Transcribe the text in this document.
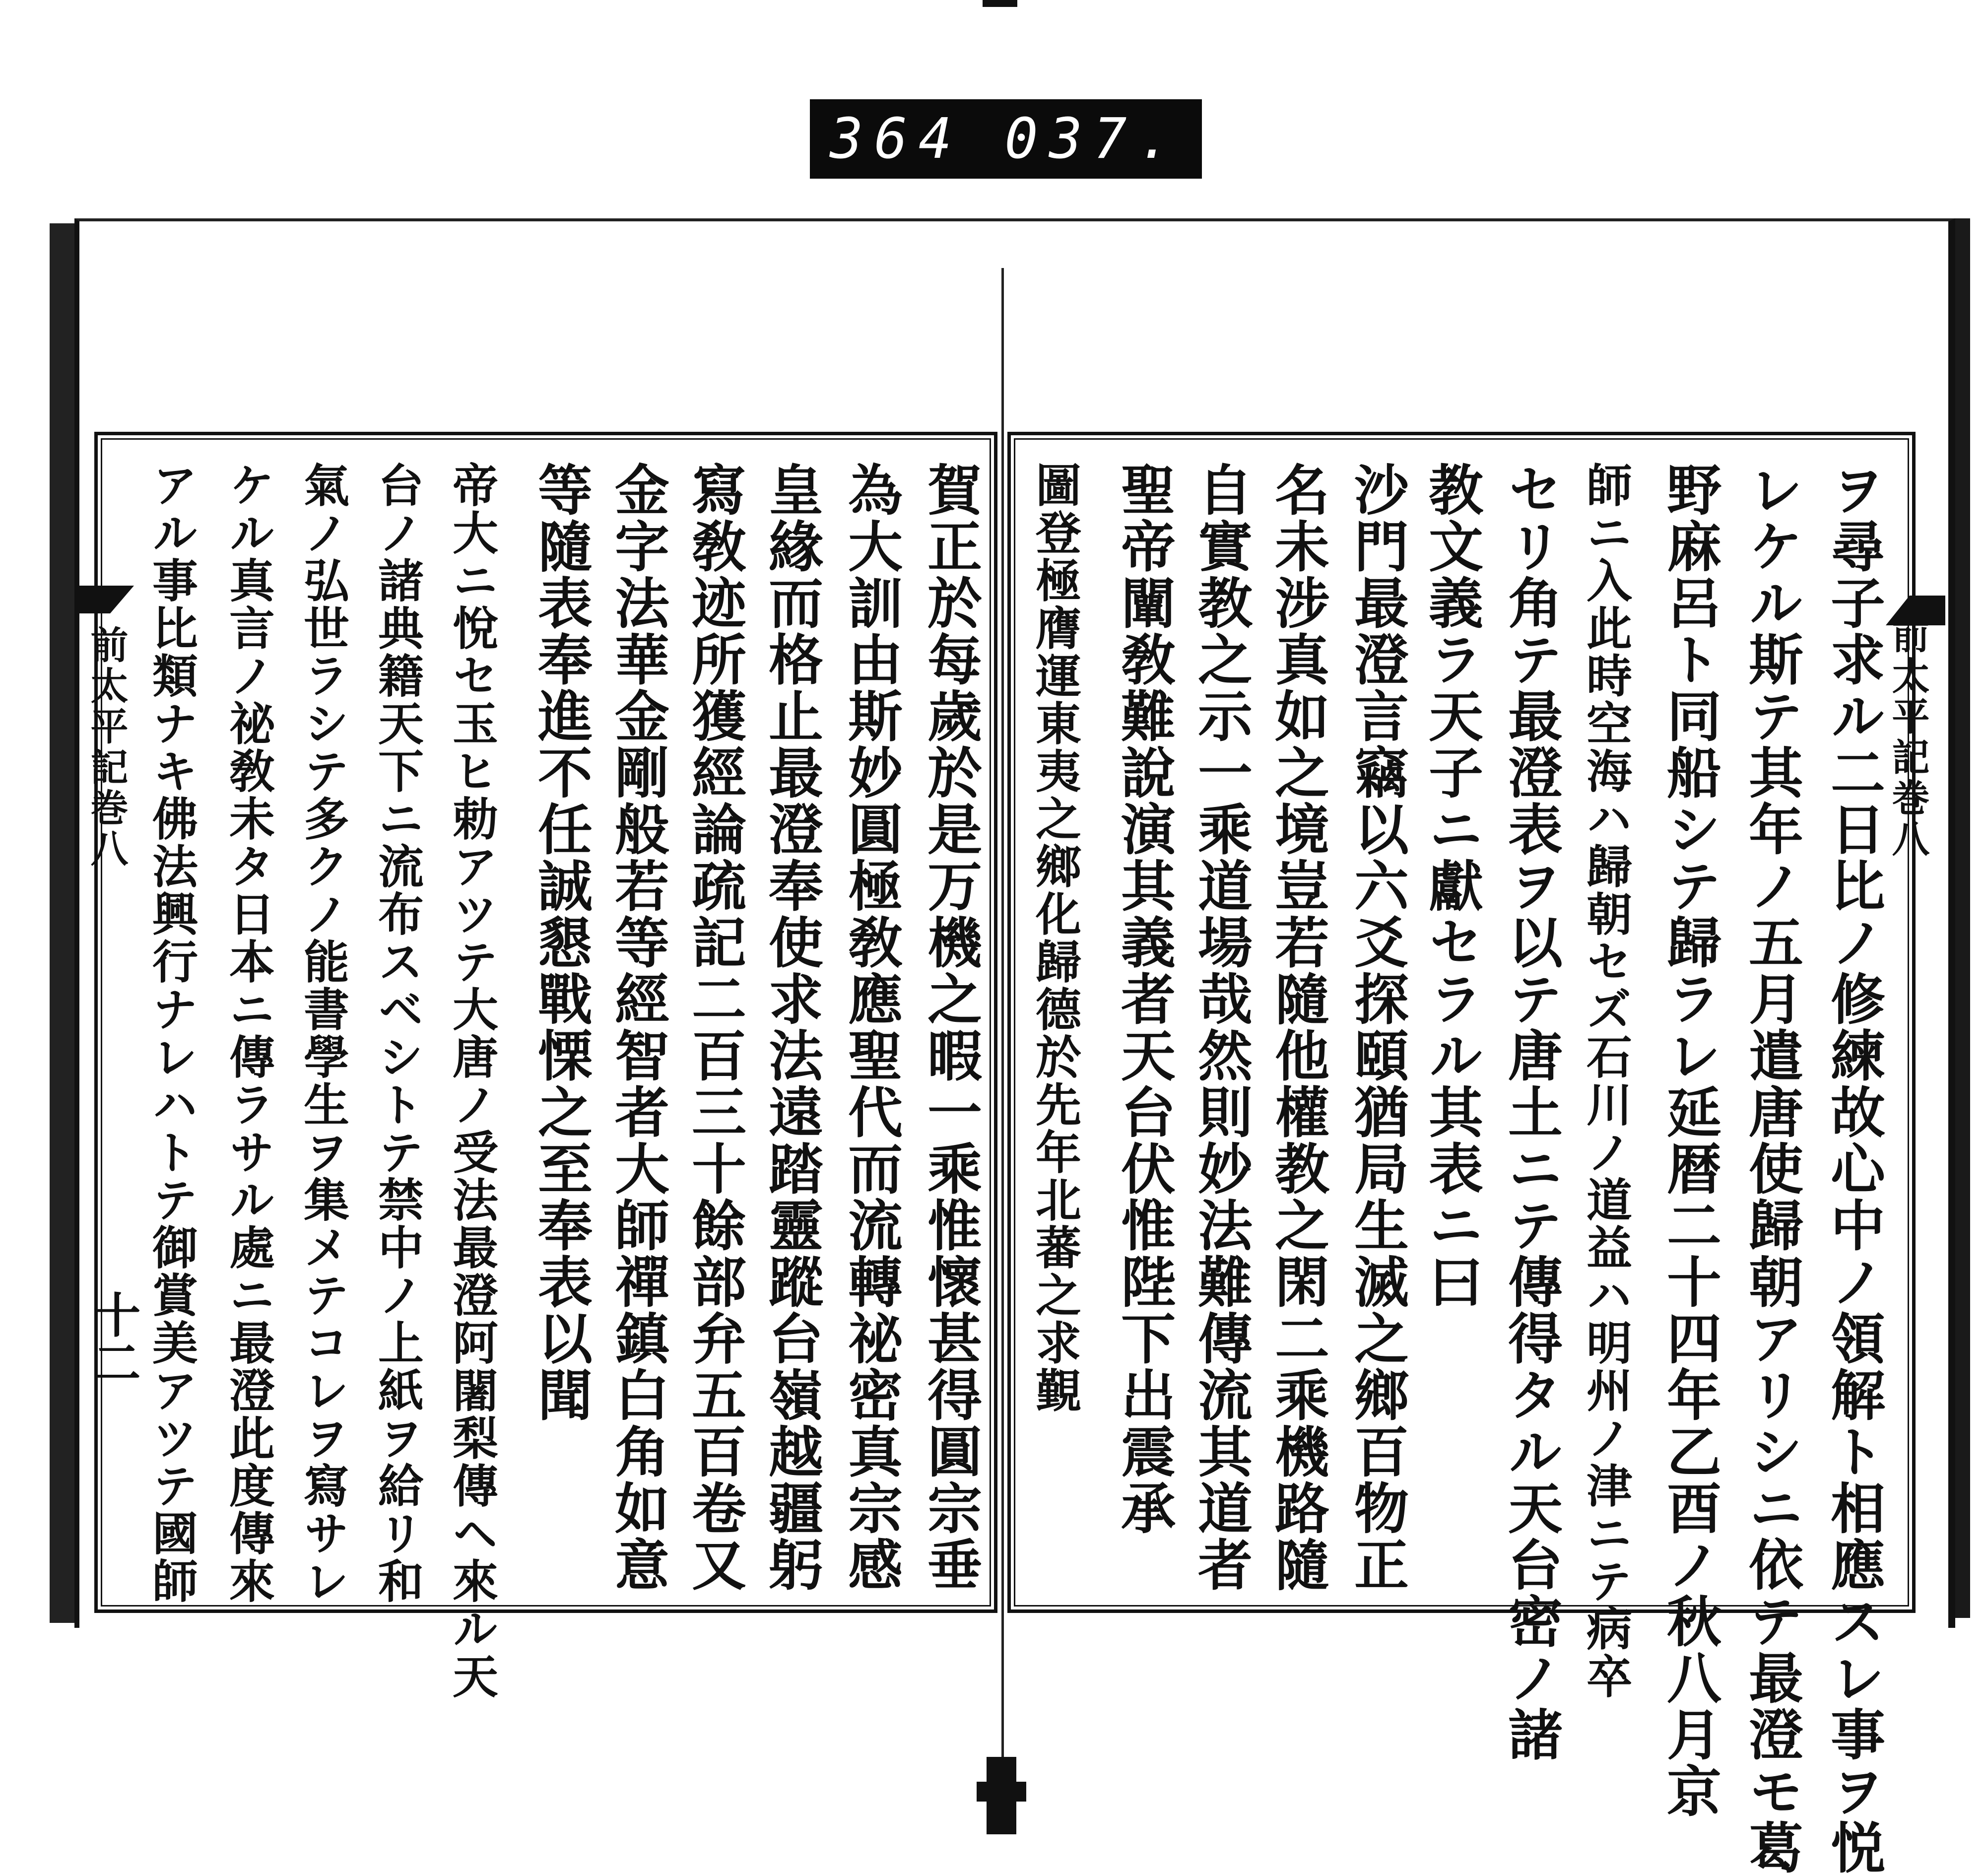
364 037.
前太平記巻八	前太平記巻八
十二	ヲ尋子求ル二日比ノ修練故心中ノ領解ト相應スレ事ヲ悦
レケル斯テ其年ノ五月遣唐使歸朝アリシニ依テ最澄モ葛
野麻呂ト同船シテ歸ラレ延暦二十四年乙酉ノ秋八月京
師ニ入此時空海ハ歸朝セズ石川ノ道益ハ明州ノ津ニテ病卒
セリ角テ最澄表ヲ以テ唐土ニテ傳得タル天台密ノ諸
教文義ラ天子ニ獻セラル其表ニ曰
沙門最澄言竊以六爻探頤猶局生滅之鄉百物正
名未涉真如之境豈若隨他權教之閑二乘機路隨
自實教之示一乘道場哉然則妙法難傳流其道者
聖帝闡敎難說演其義者天台伏惟陛下出震承
圖登極膺運東夷之鄉化歸德於先年北蕃之求覲
賀正於每歲於是万機之暇一乘惟懷甚得圓宗垂
為大訓由斯妙圓極敎應聖代而流轉祕密真宗感
皇緣而格止最澄奉使求法遠踏靈蹤台嶺越疆躬
寫敎迹所獲經論疏記二百三十餘部弁五百卷又
金字法華金剛般若等經智者大師禪鎮白角如意
等隨表奉進不任誠懇戰慄之至奉表以聞
帝大ニ悅セ玉ヒ勅アツテ大唐ノ受法最澄阿闍梨傳ヘ來ル天
台ノ諸典籍天下ニ流布スベシトテ禁中ノ上紙ヲ給リ和
氣ノ弘世ラシテ多クノ能書學生ヲ集メテコレヲ寫サレ
ケル真言ノ祕敎未タ日本ニ傳ラサル處ニ最澄此度傳來
アル事比類ナキ佛法興行ナレハトテ御賞美アツテ國師
